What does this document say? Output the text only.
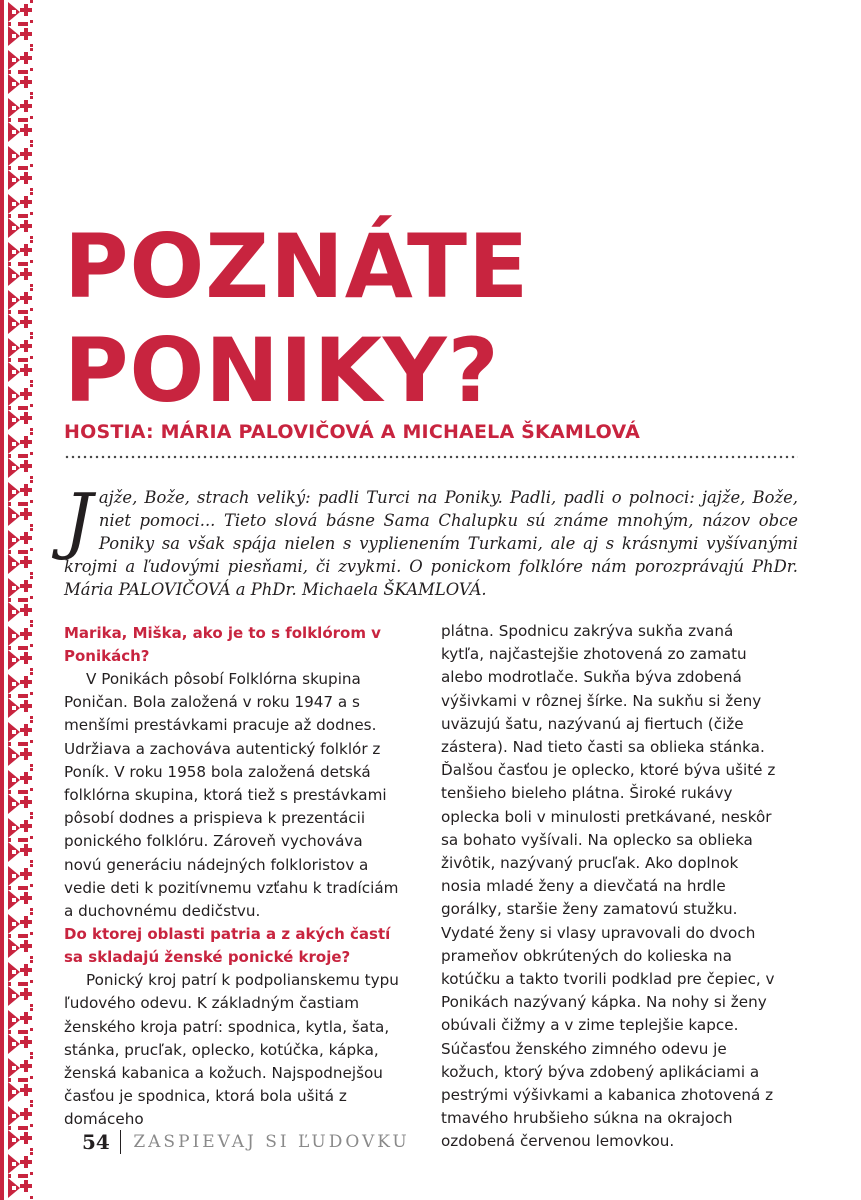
POZNÁTE
PONIKY?
HOSTIA: MÁRIA PALOVIČOVÁ A MICHAELA ŠKAMLOVÁ
J ajže, Bože, strach veliký: padli Turci na Poniky. Padli, padli o polnoci: jajže, Bože, niet pomoci... Tieto slová básne Sama Chalupku sú známe mnohým, názov obce Poniky sa však spája nielen s vyplienením Turkami, ale aj s krásnymi vyšívanými krojmi a ľudovými piesňami, či zvykmi. O ponickom folklóre nám porozprávajú PhDr. Mária PALOVIČOVÁ a PhDr. Michaela ŠKAMLOVÁ.

Marika, Miška, ako je to s folklórom v Ponikách?

V Ponikách pôsobí Folklórna skupina Poničan. Bola založená v roku 1947 a s menšími prestávkami pracuje až dodnes. Udržiava a zachováva autentický folklór z Poník. V roku 1958 bola založená detská folklórna skupina, ktorá tiež s prestávkami pôsobí dodnes a prispieva k prezentácii ponického folklóru. Zároveň vychováva novú generáciu nádejných folkloristov a vedie deti k pozitívnemu vzťahu k tradíciám a duchovnému dedičstvu.

Do ktorej oblasti patria a z akých častí sa skladajú ženské ponické kroje?

Ponický kroj patrí k podpolianskemu typu ľudového odevu. K základným častiam ženského kroja patrí: spodnica, kytla, šata, stánka, prucľak, oplecko, kotúčka, kápka, ženská kabanica a kožuch. Najspodnejšou časťou je spodnica, ktorá bola ušitá z domáceho

plátna. Spodnicu zakrýva sukňa zvaná kytľa, najčastejšie zhotovená zo zamatu alebo modrotlače. Sukňa býva zdobená výšivkami v rôznej šírke. Na sukňu si ženy uväzujú šatu, nazývanú aj fiertuch (čiže zástera). Nad tieto časti sa oblieka stánka. Ďalšou časťou je oplecko, ktoré býva ušité z tenšieho bieleho plátna. Široké rukávy oplecka boli v minulosti pretkávané, neskôr sa bohato vyšívali. Na oplecko sa oblieka živôtik, nazývaný prucľak. Ako doplnok nosia mladé ženy a dievčatá na hrdle gorálky, staršie ženy zamatovú stužku. Vydaté ženy si vlasy upravovali do dvoch prameňov obkrútených do kolieska na kotúčku a takto tvorili podklad pre čepiec, v Ponikách nazývaný kápka. Na nohy si ženy obúvali čižmy a v zime teplejšie kapce. Súčasťou ženského zimného odevu je kožuch, ktorý býva zdobený aplikáciami a pestrými výšivkami a kabanica zhotovená z tmavého hrubšieho súkna na okrajoch ozdobená červenou lemovkou.

54 ZASPIEVAJ SI ĽUDOVKU
